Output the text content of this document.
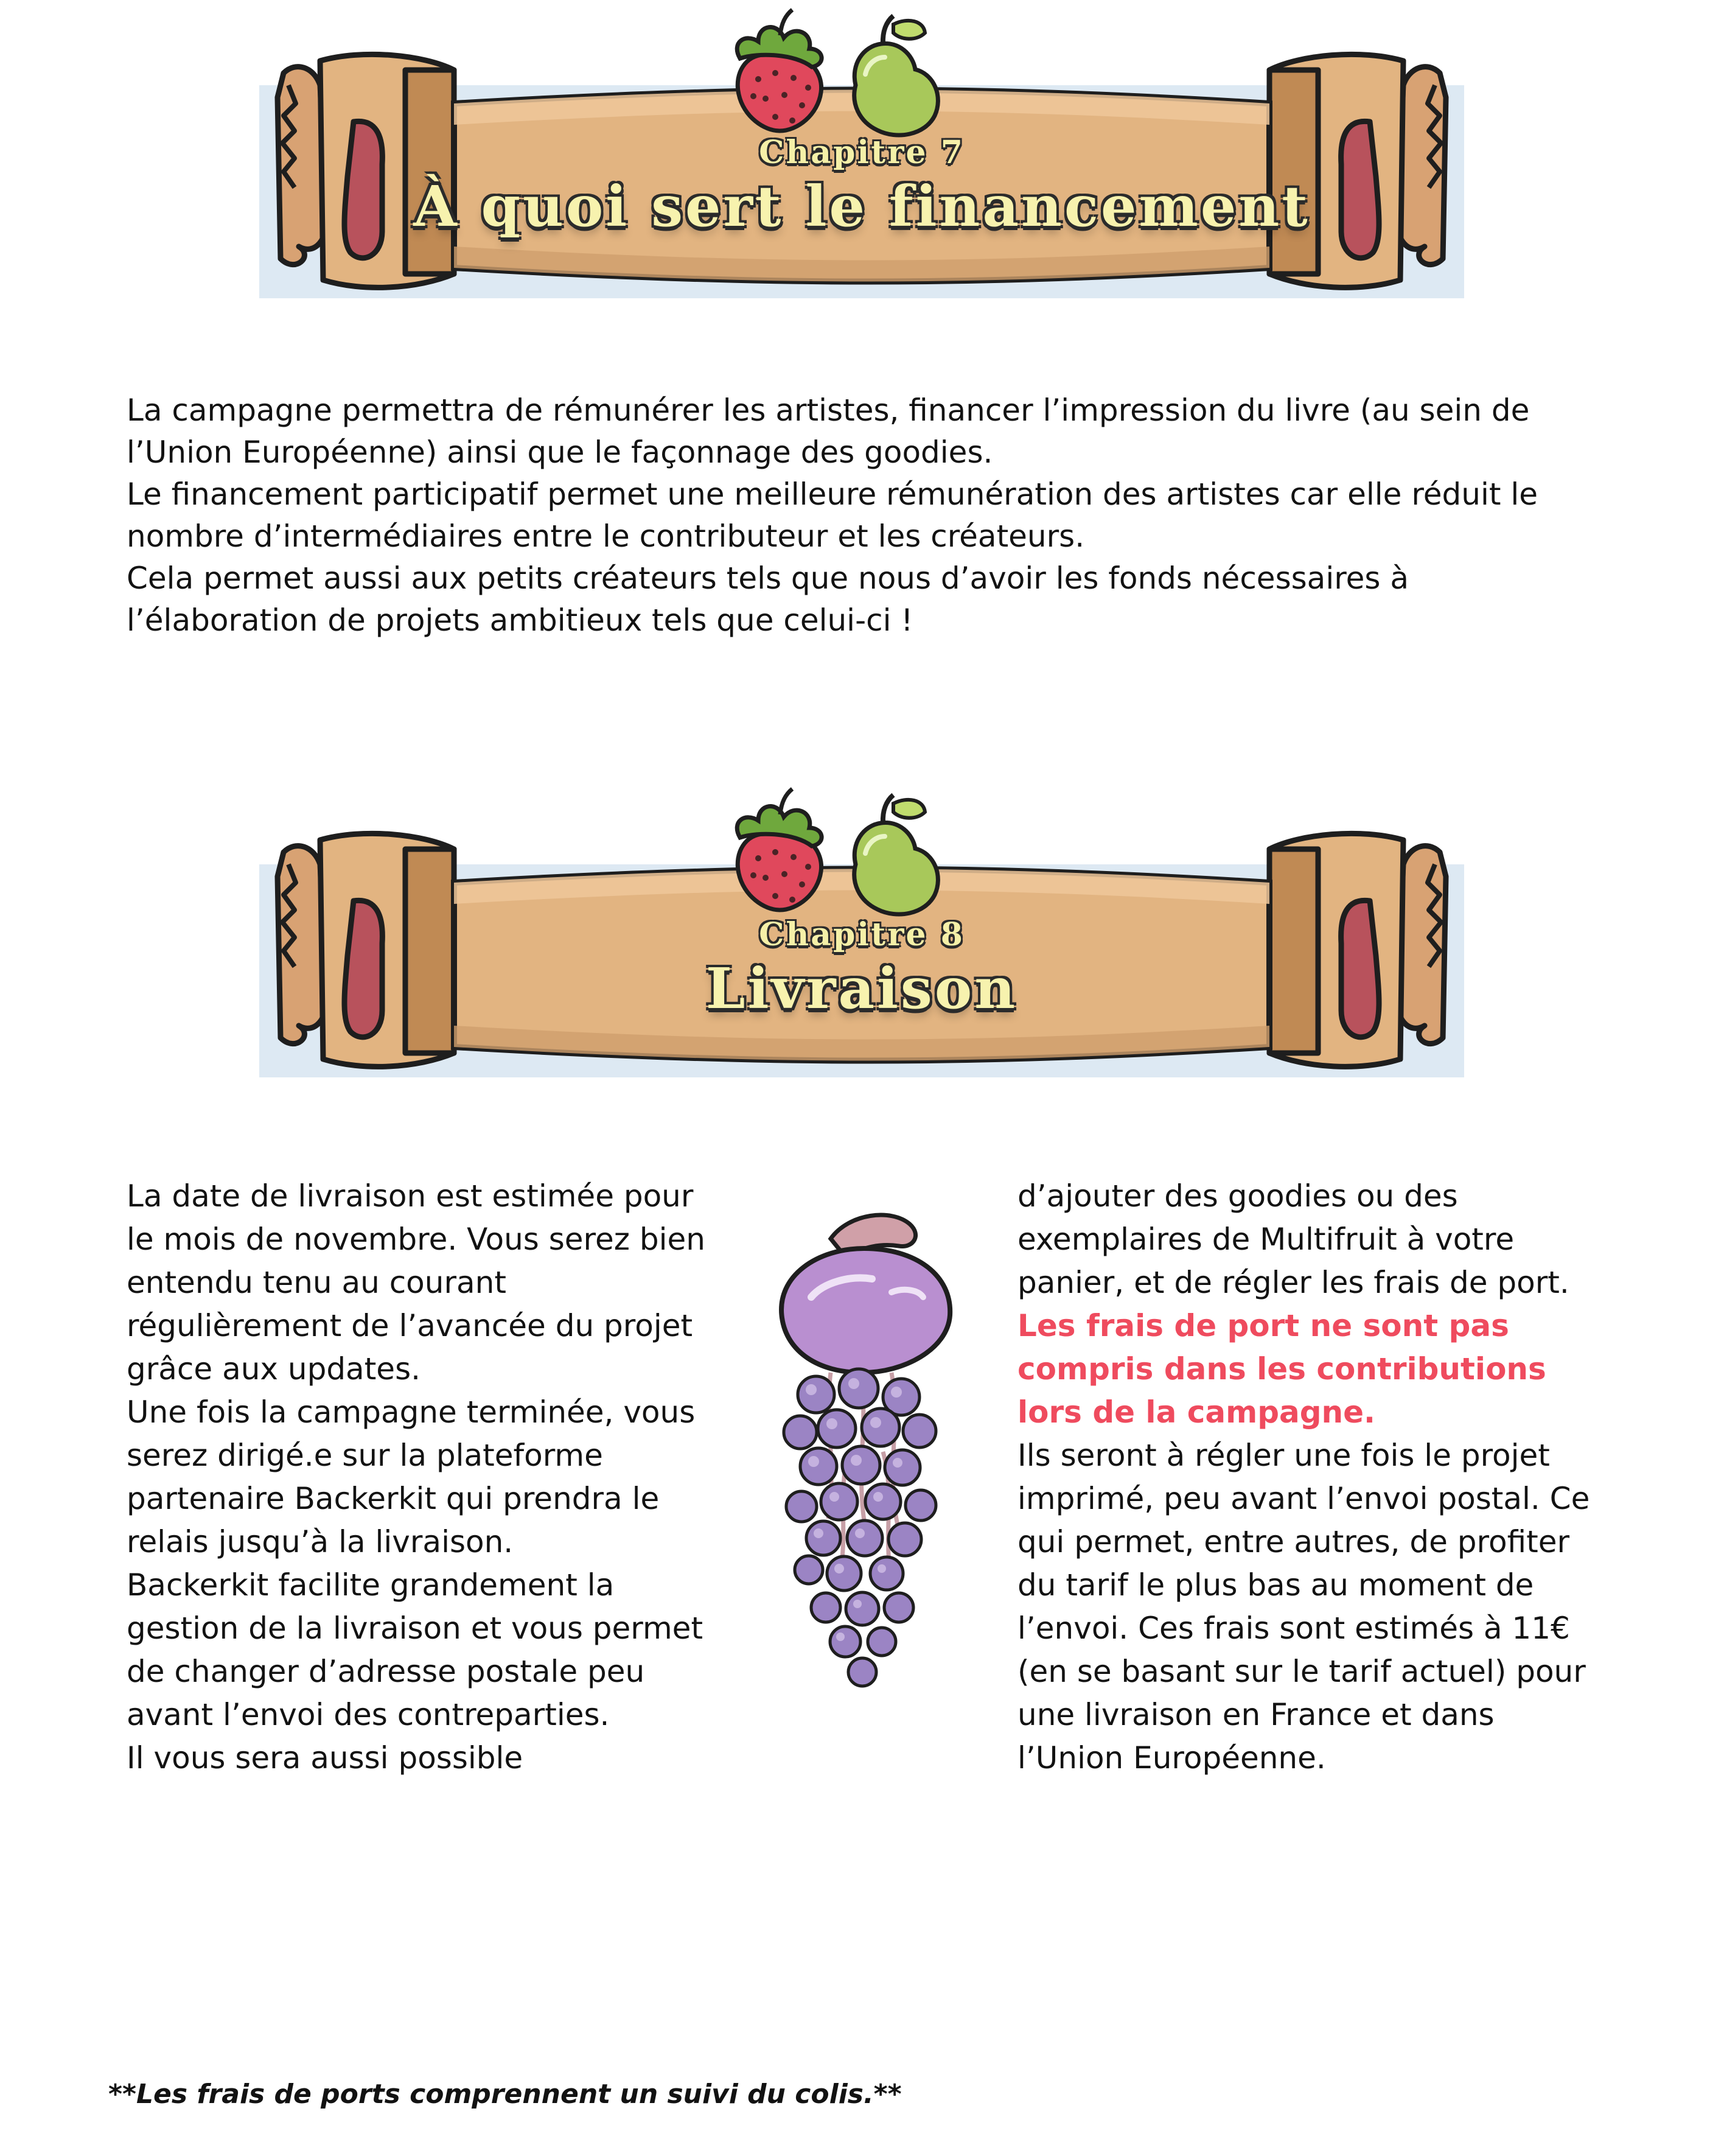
Chapitre 7
À quoi sert le financement

La campagne permettra de rémunérer les artistes, financer l’impression du livre (au sein de l’Union Européenne) ainsi que le façonnage des goodies.

Le financement participatif permet une meilleure rémunération des artistes car elle réduit le nombre d’intermédiaires entre le contributeur et les créateurs.

Cela permet aussi aux petits créateurs tels que nous d’avoir les fonds nécessaires à l’élaboration de projets ambitieux tels que celui-ci !

Chapitre 8
Livraison

La date de livraison est estimée pour le mois de novembre. Vous serez bien entendu tenu au courant régulièrement de l’avancée du projet grâce aux updates.

Une fois la campagne terminée, vous serez dirigé.e sur la plateforme partenaire Backerkit qui prendra le relais jusqu’à la livraison.

Backerkit facilite grandement la gestion de la livraison et vous permet de changer d’adresse postale peu avant l’envoi des contreparties.

Il vous sera aussi possible

d’ajouter des goodies ou des exemplaires de Multifruit à votre panier, et de régler les frais de port.

Les frais de port ne sont pas compris dans les contributions lors de la campagne.

Ils seront à régler une fois le projet imprimé, peu avant l’envoi postal. Ce qui permet, entre autres, de profiter du tarif le plus bas au moment de l’envoi. Ces frais sont estimés à 11€ (en se basant sur le tarif actuel) pour une livraison en France et dans l’Union Européenne.

**Les frais de ports comprennent un suivi du colis.**
